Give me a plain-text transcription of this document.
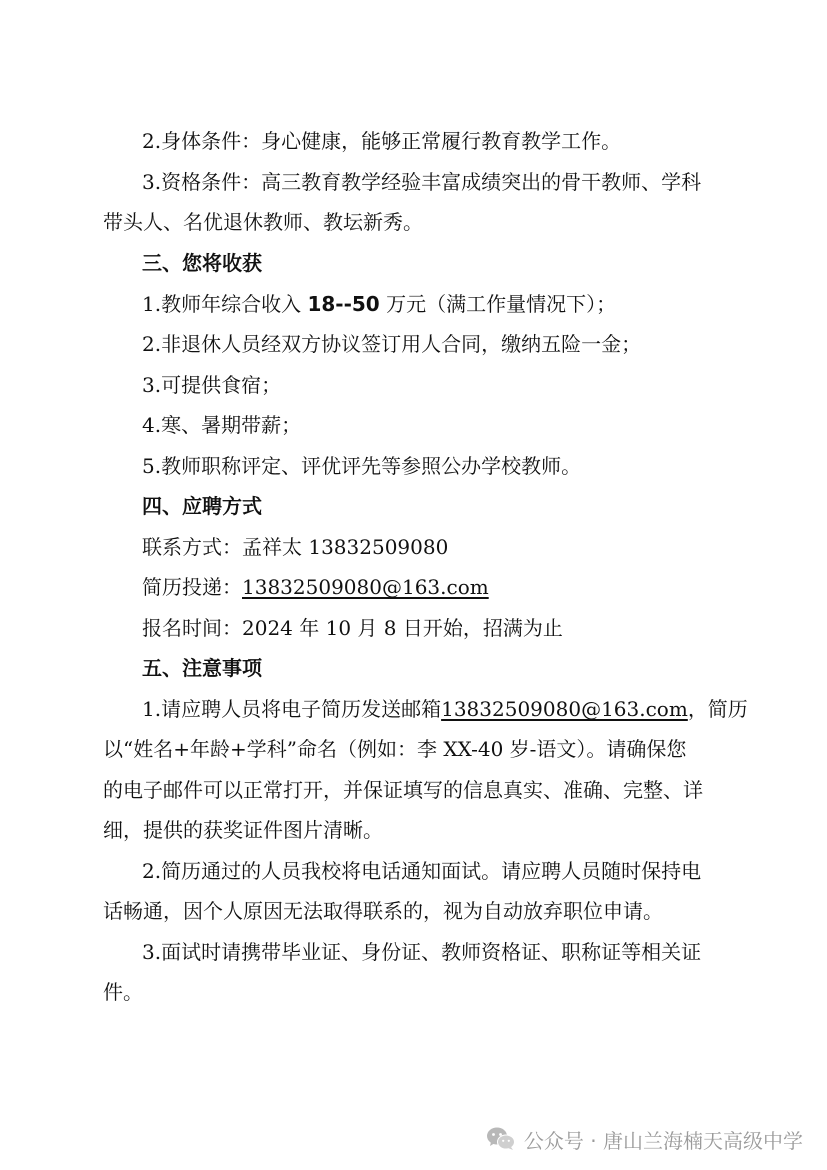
2.身体条件：身心健康，能够正常履行教育教学工作。
3.资格条件：高三教育教学经验丰富成绩突出的骨干教师、学科
带头人、名优退休教师、教坛新秀。
三、您将收获
1.教师年综合收入 18--50 万元（满工作量情况下）；
2.非退休人员经双方协议签订用人合同，缴纳五险一金；
3.可提供食宿；
4.寒、暑期带薪；
5.教师职称评定、评优评先等参照公办学校教师。
四、应聘方式
联系方式：孟祥太 13832509080
简历投递：13832509080@163.com
报名时间：2024 年 10 月 8 日开始，招满为止
五、注意事项
1.请应聘人员将电子简历发送邮箱13832509080@163.com，简历
以“姓名+年龄+学科”命名（例如：李 XX-40 岁-语文）。请确保您
的电子邮件可以正常打开，并保证填写的信息真实、准确、完整、详
细，提供的获奖证件图片清晰。
2.简历通过的人员我校将电话通知面试。请应聘人员随时保持电
话畅通，因个人原因无法取得联系的，视为自动放弃职位申请。
3.面试时请携带毕业证、身份证、教师资格证、职称证等相关证
件。
公众号 · 唐山兰海楠天高级中学
